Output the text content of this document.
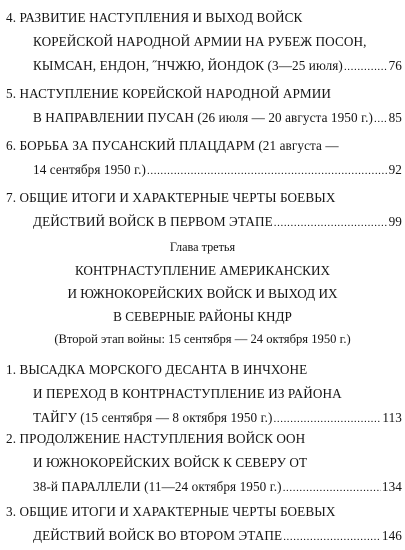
4. РАЗВИТИЕ НАСТУПЛЕНИЯ И ВЫХОД ВОЙСК
КОРЕЙСКОЙ НАРОДНОЙ АРМИИ НА РУБЕЖ ПОСОН,
КЫМСАН, ЕНДОН, ˝НЧЖЮ, ЙОНДОК (3—25 июля) .....	76
5. НАСТУПЛЕНИЕ КОРЕЙСКОЙ НАРОДНОЙ АРМИИ
В НАПРАВЛЕНИИ ПУСАН (26 июля — 20 августа 1950 г.) ..... 85
6. БОРЬБА ЗА ПУСАНСКИЙ ПЛАЦДАРМ (21 августа —
14 сентября 1950 г.) .....	92
7. ОБЩИЕ ИТОГИ И ХАРАКТЕРНЫЕ ЧЕРТЫ БОЕВЫХ
ДЕЙСТВИЙ ВОЙСК В ПЕРВОМ ЭТАПЕ .....	99
Глава третья
КОНТРНАСТУПЛЕНИЕ АМЕРИКАНСКИХ
И ЮЖНОКОРЕЙСКИХ ВОЙСК И ВЫХОД ИХ
В СЕВЕРНЫЕ РАЙОНЫ КНДР
(Второй этап войны: 15 сентября — 24 октября 1950 г.)
1. ВЫСАДКА МОРСКОГО ДЕСАНТА В ИНЧХОНЕ
И ПЕРЕХОД В КОНТРНАСТУПЛЕНИЕ ИЗ РАЙОНА
ТАЙГУ (15 сентября — 8 октября 1950 г.) .....	113
2. ПРОДОЛЖЕНИЕ НАСТУПЛЕНИЯ ВОЙСК ООН
И ЮЖНОКОРЕЙСКИХ ВОЙСК К СЕВЕРУ ОТ
38-й ПАРАЛЛЕЛИ (11—24 октября 1950 г.) .....	134
3. ОБЩИЕ ИТОГИ И ХАРАКТЕРНЫЕ ЧЕРТЫ БОЕВЫХ
ДЕЙСТВИЙ ВОЙСК ВО ВТОРОМ ЭТАПЕ .....	146
